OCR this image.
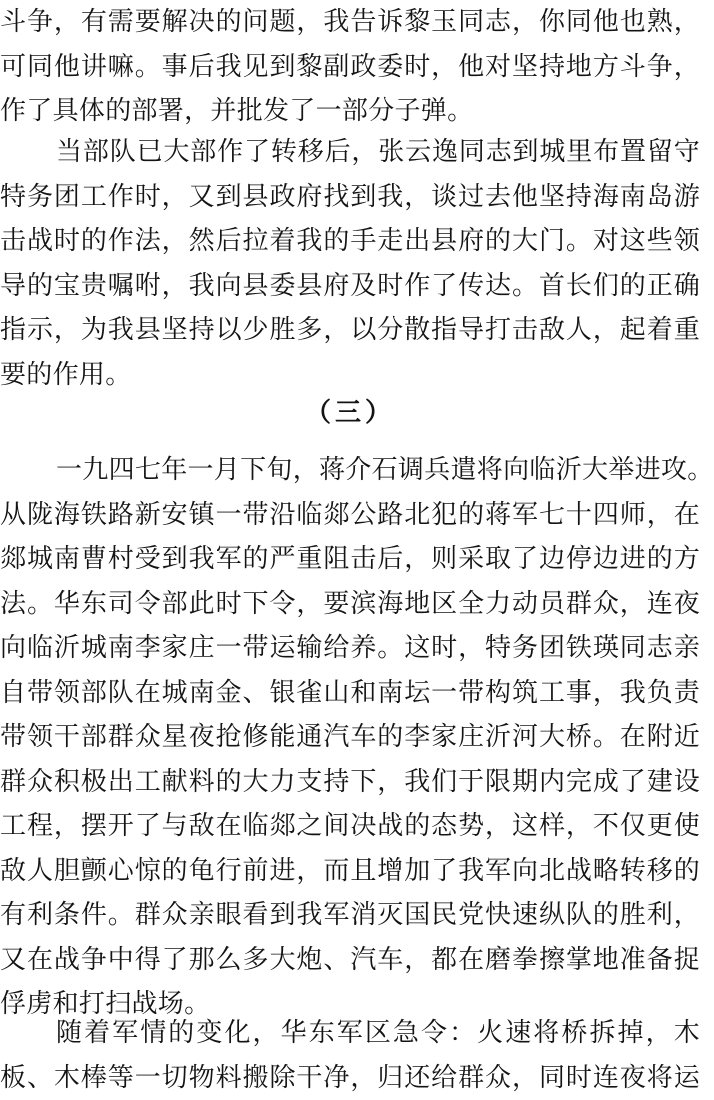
斗争，有需要解决的问题，我告诉黎玉同志，你同他也熟，
可同他讲嘛。事后我见到黎副政委时，他对坚持地方斗争，
作了具体的部署，并批发了一部分子弹。
当部队已大部作了转移后，张云逸同志到城里布置留守
特务团工作时，又到县政府找到我，谈过去他坚持海南岛游
击战时的作法，然后拉着我的手走出县府的大门。对这些领
导的宝贵嘱咐，我向县委县府及时作了传达。首长们的正确
指示，为我县坚持以少胜多，以分散指导打击敌人，起着重
要的作用。
（三）
一九四七年一月下旬，蒋介石调兵遣将向临沂大举进攻。
从陇海铁路新安镇一带沿临郯公路北犯的蒋军七十四师，在
郯城南曹村受到我军的严重阻击后，则采取了边停边进的方
法。华东司令部此时下令，要滨海地区全力动员群众，连夜
向临沂城南李家庄一带运输给养。这时，特务团铁瑛同志亲
自带领部队在城南金、银雀山和南坛一带构筑工事，我负责
带领干部群众星夜抢修能通汽车的李家庄沂河大桥。在附近
群众积极出工献料的大力支持下，我们于限期内完成了建设
工程，摆开了与敌在临郯之间决战的态势，这样，不仅更使
敌人胆颤心惊的龟行前进，而且增加了我军向北战略转移的
有利条件。群众亲眼看到我军消灭国民党快速纵队的胜利，
又在战争中得了那么多大炮、汽车，都在磨拳擦掌地准备捉
俘虏和打扫战场。
随着军情的变化，华东军区急令：火速将桥拆掉，木
板、木棒等一切物料搬除干净，归还给群众，同时连夜将运
